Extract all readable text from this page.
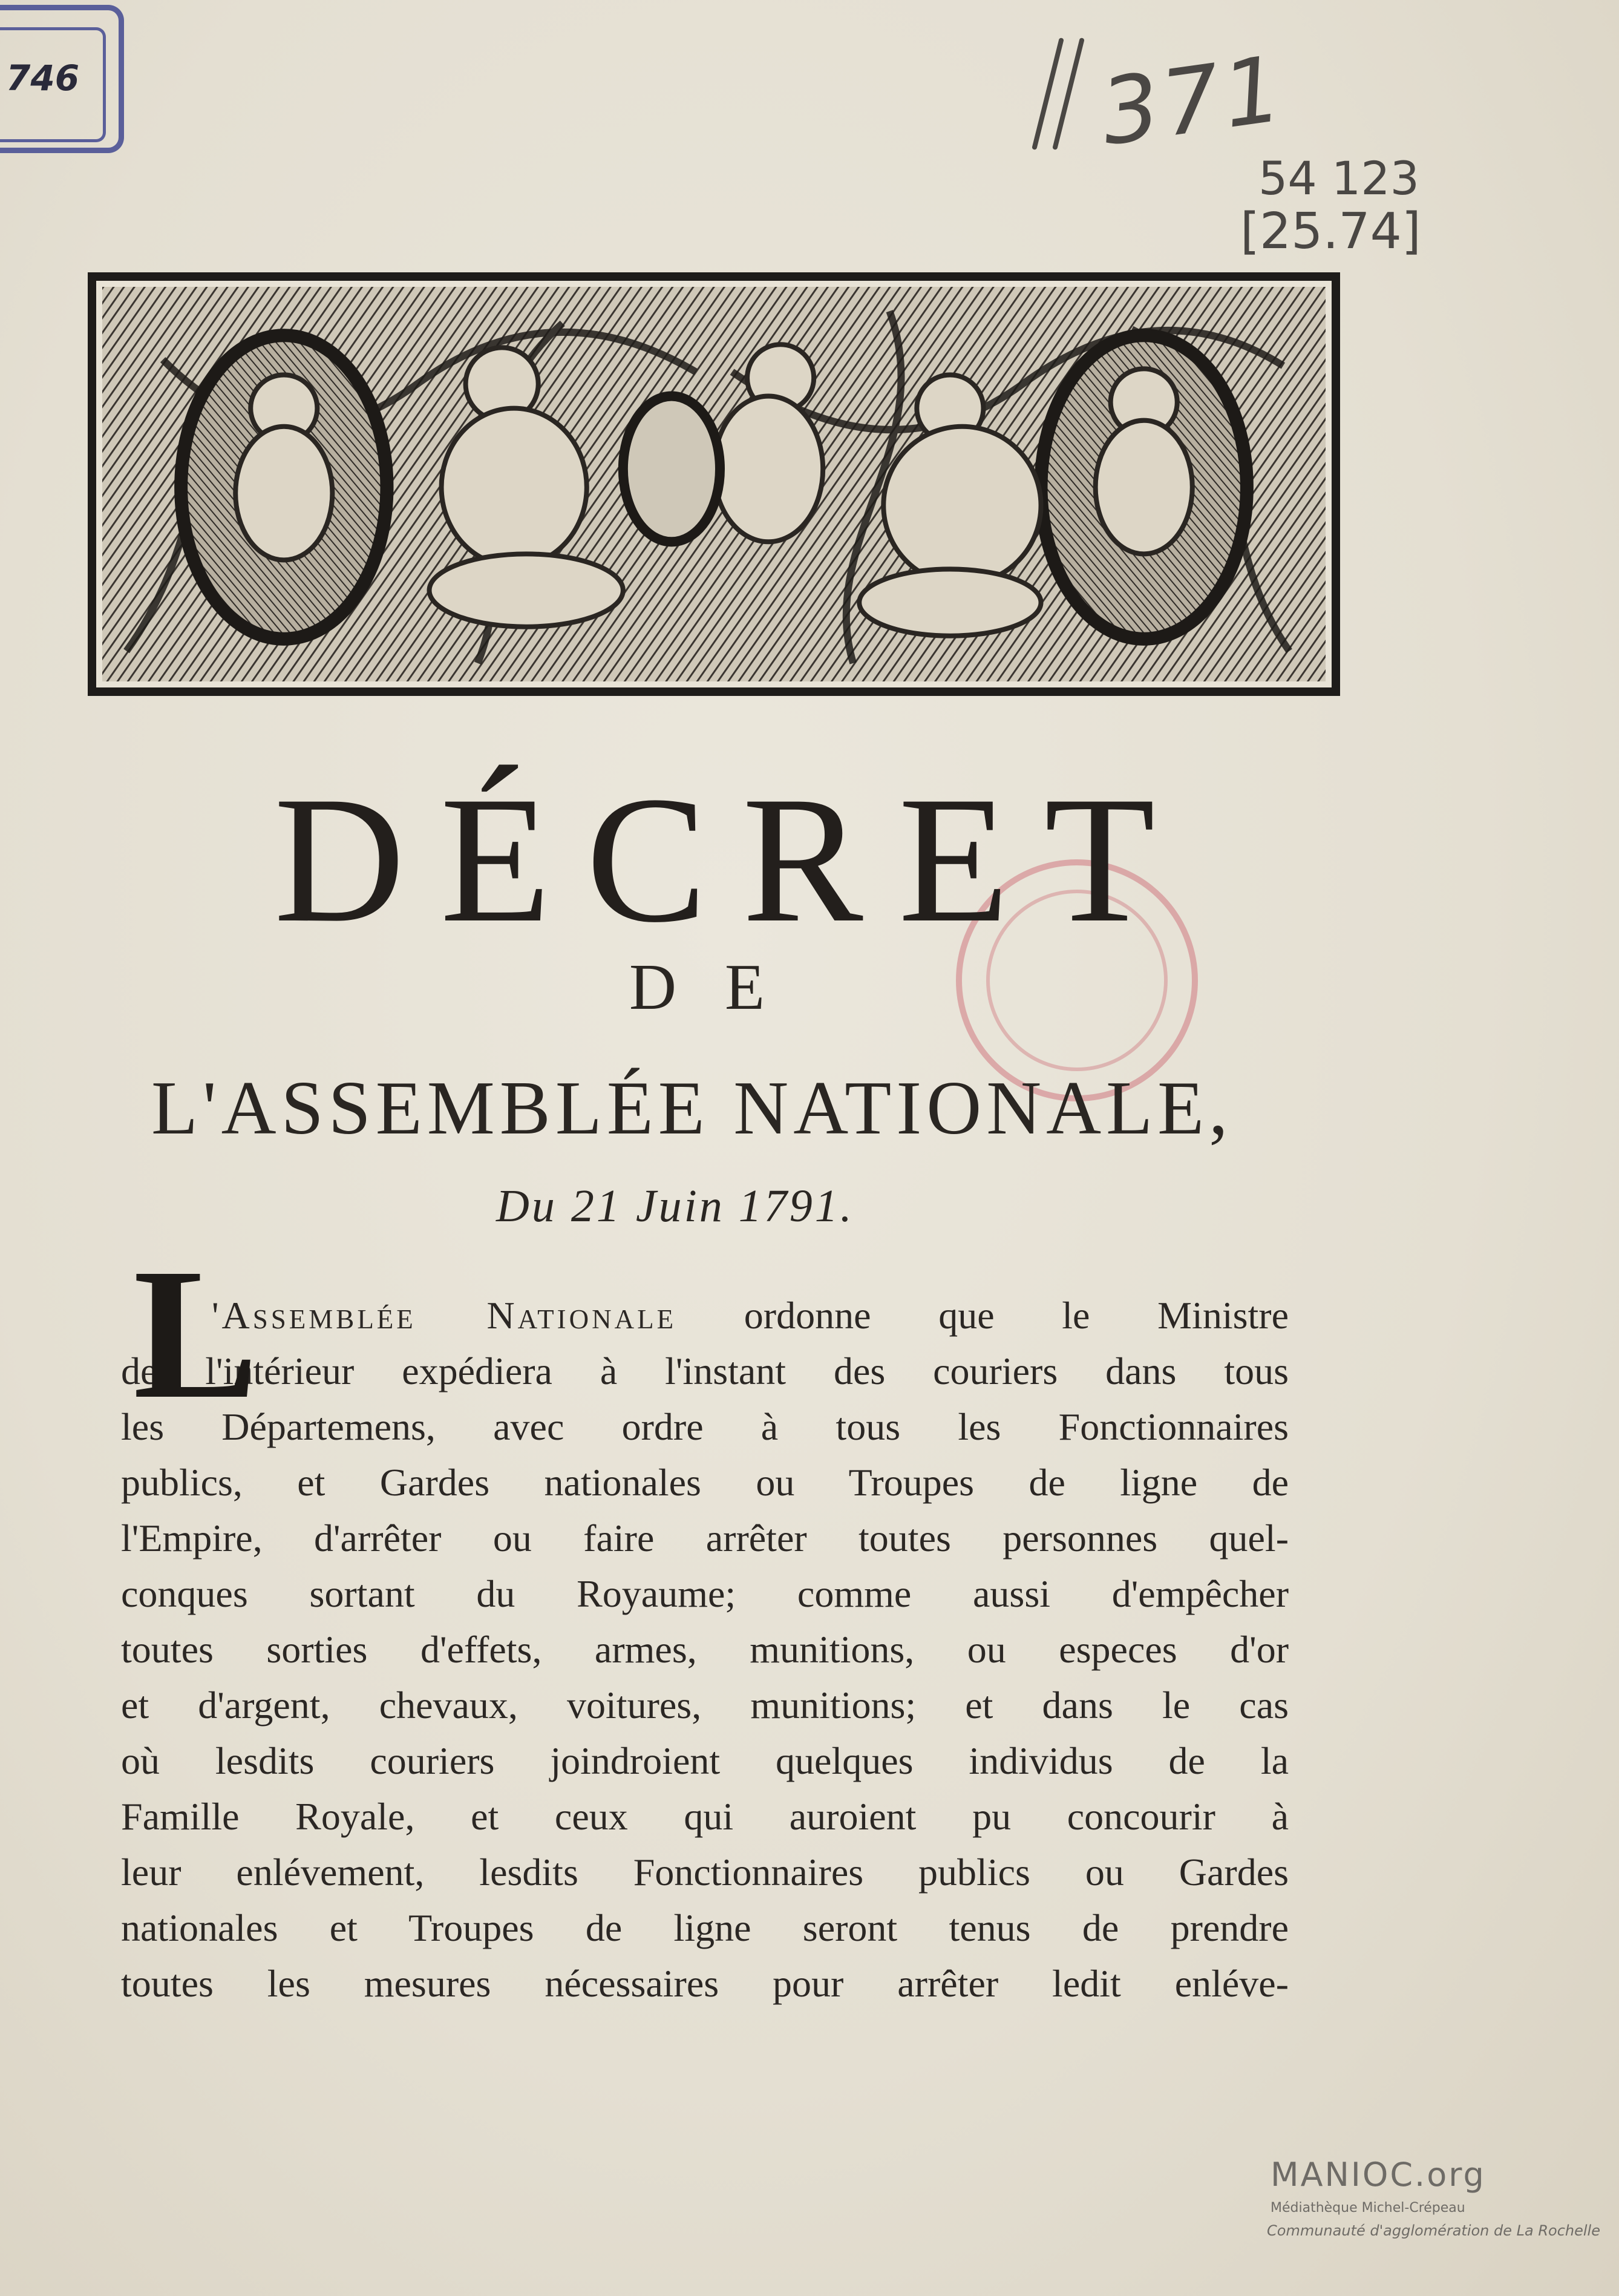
746	371
54 123
[25.74]
DÉCRET
DE
L'ASSEMBLÉE NATIONALE,
Du 21 Juin 1791.
L
'Assemblée Nationale ordonne que le Ministre
de l'intérieur expédiera à l'instant des couriers dans tous
les Départemens, avec ordre à tous les Fonctionnaires
publics, et Gardes nationales ou Troupes de ligne de
l'Empire, d'arrêter ou faire arrêter toutes personnes quel-
conques sortant du Royaume; comme aussi d'empêcher
toutes sorties d'effets, armes, munitions, ou especes d'or
et d'argent, chevaux, voitures, munitions; et dans le cas
où lesdits couriers joindroient quelques individus de la
Famille Royale, et ceux qui auroient pu concourir à
leur enlévement, lesdits Fonctionnaires publics ou Gardes
nationales et Troupes de ligne seront tenus de prendre
toutes les mesures nécessaires pour arrêter ledit enléve-
MANIOC.org
Médiathèque Michel-Crépeau
Communauté d'agglomération de La Rochelle
